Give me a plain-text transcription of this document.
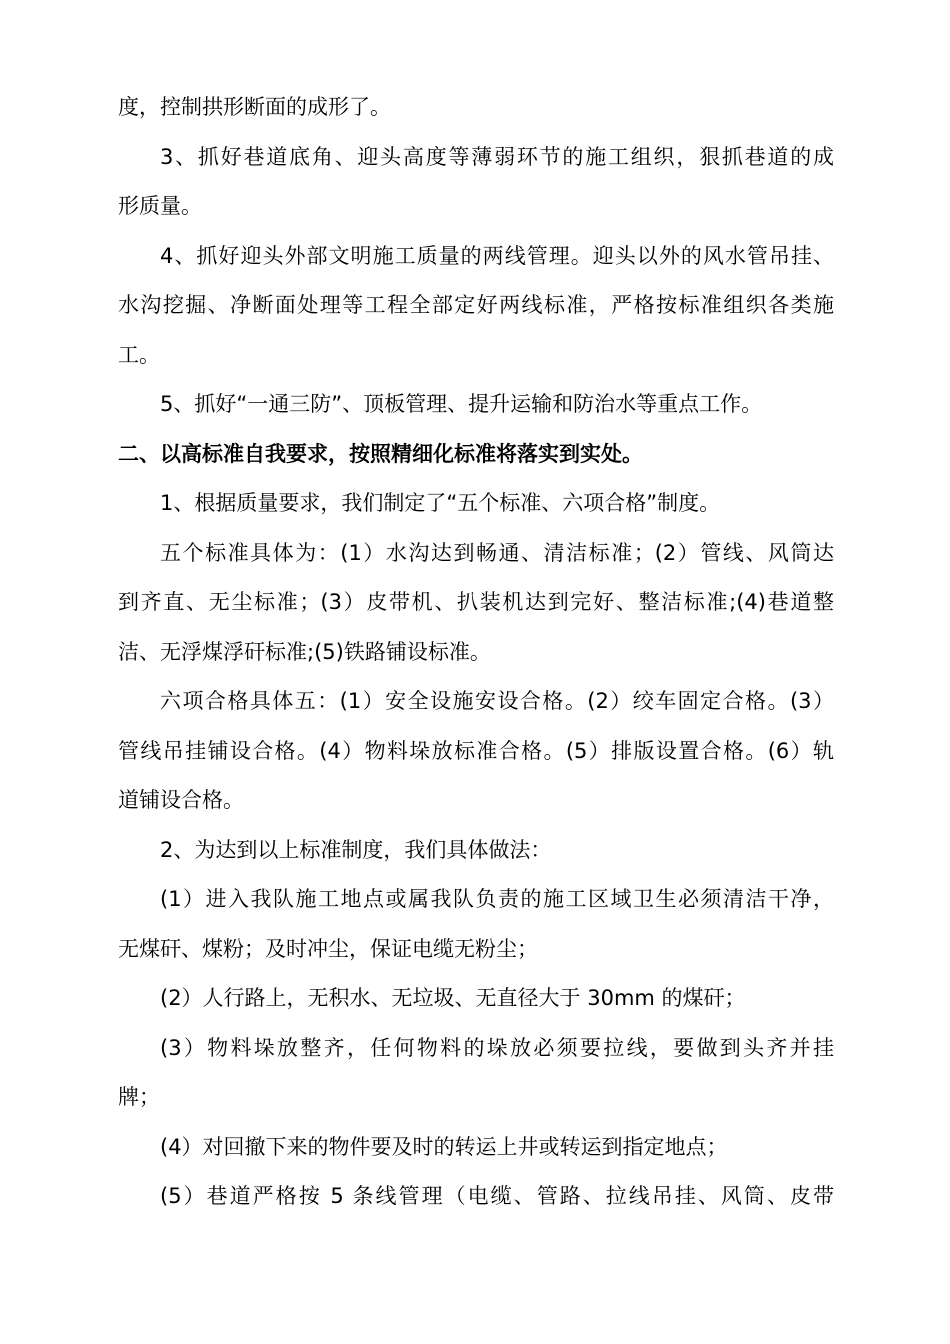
度，控制拱形断面的成形了。
3、抓好巷道底角、迎头高度等薄弱环节的施工组织，狠抓巷道的成
形质量。
4、抓好迎头外部文明施工质量的两线管理。迎头以外的风水管吊挂、
水沟挖掘、净断面处理等工程全部定好两线标准，严格按标准组织各类施
工。
5、抓好“一通三防”、顶板管理、提升运输和防治水等重点工作。
二、以高标准自我要求，按照精细化标准将落实到实处。
1、根据质量要求，我们制定了“五个标准、六项合格”制度。
五个标准具体为：(1）水沟达到畅通、清洁标准；(2）管线、风筒达
到齐直、无尘标准；(3）皮带机、扒装机达到完好、整洁标准;(4)巷道整
洁、无浮煤浮矸标准;(5)铁路铺设标准。
六项合格具体五：(1）安全设施安设合格。(2）绞车固定合格。(3）
管线吊挂铺设合格。(4）物料垛放标准合格。(5）排版设置合格。(6）轨
道铺设合格。
2、为达到以上标准制度，我们具体做法：
(1）进入我队施工地点或属我队负责的施工区域卫生必须清洁干净，
无煤矸、煤粉；及时冲尘，保证电缆无粉尘；
(2）人行路上，无积水、无垃圾、无直径大于 30mm 的煤矸；
(3）物料垛放整齐，任何物料的垛放必须要拉线，要做到头齐并挂
牌；
(4）对回撤下来的物件要及时的转运上井或转运到指定地点；
(5）巷道严格按 5 条线管理（电缆、管路、拉线吊挂、风筒、皮带
